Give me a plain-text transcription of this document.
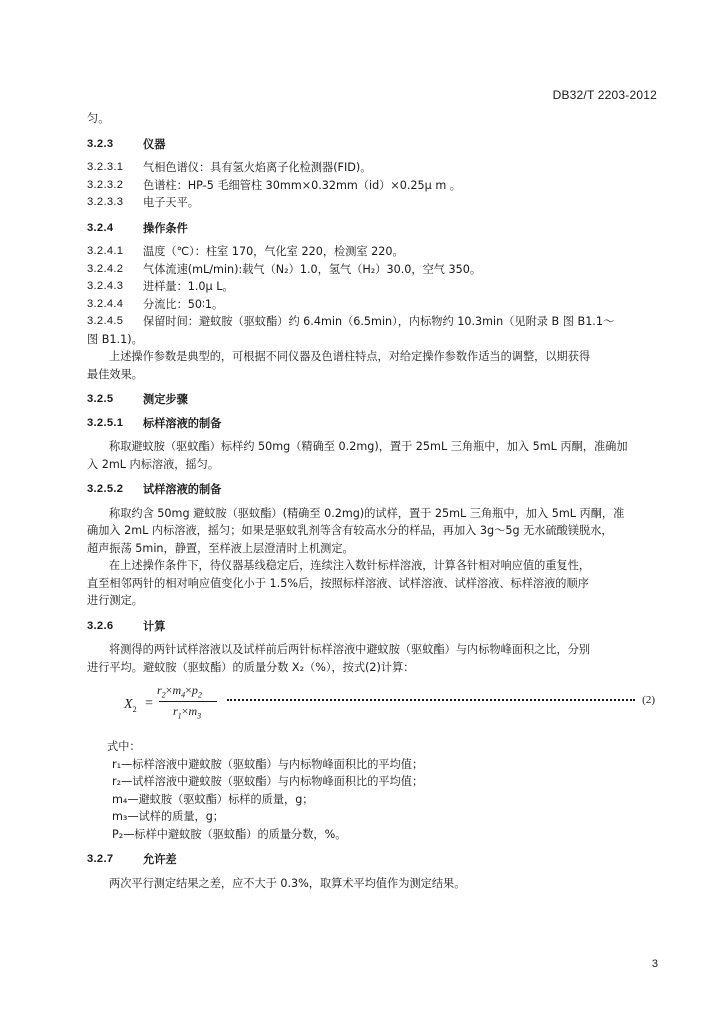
DB32/T 2203-2012
匀。
3.2.3	仪器
3.2.3.1	气相色谱仪：具有氢火焰离子化检测器(FID)。
3.2.3.2	色谱柱：HP-5 毛细管柱 30mm×0.32mm（id）×0.25μ m 。
3.2.3.3	电子天平。
3.2.4	操作条件
3.2.4.1	温度（℃）：柱室 170，气化室 220，检测室 220。
3.2.4.2	气体流速(mL/min):载气（N₂）1.0，氢气（H₂）30.0，空气 350。
3.2.4.3	进样量：1.0μ L。
3.2.4.4	分流比：50∶1。
3.2.4.5	保留时间：避蚊胺（驱蚊酯）约 6.4min（6.5min），内标物约 10.3min（见附录 B 图 B1.1～
图 B1.1)。
上述操作参数是典型的，可根据不同仪器及色谱柱特点，对给定操作参数作适当的调整，以期获得
最佳效果。
3.2.5	测定步骤
3.2.5.1	标样溶液的制备
称取避蚊胺（驱蚊酯）标样约 50mg（精确至 0.2mg)，置于 25mL 三角瓶中，加入 5mL 丙酮，准确加
入 2mL 内标溶液，摇匀。
3.2.5.2	试样溶液的制备
称取约含 50mg 避蚊胺（驱蚊酯）(精确至 0.2mg)的试样，置于 25mL 三角瓶中，加入 5mL 丙酮，准
确加入 2mL 内标溶液，摇匀；如果是驱蚊乳剂等含有较高水分的样品，再加入 3g～5g 无水硫酸镁脱水，
超声振荡 5min，静置，至样液上层澄清时上机测定。
在上述操作条件下，待仪器基线稳定后，连续注入数针标样溶液，计算各针相对响应值的重复性，
直至相邻两针的相对响应值变化小于 1.5%后，按照标样溶液、试样溶液、试样溶液、标样溶液的顺序
进行测定。
3.2.6	计算
将测得的两针试样溶液以及试样前后两针标样溶液中避蚊胺（驱蚊酯）与内标物峰面积之比，分别
进行平均。避蚊胺（驱蚊酯）的质量分数 X₂（%），按式(2)计算：
$X_2$ =
$r_2\times m_4\times p_2$
$r_1\times m_3$
(2)
式中：
r₁—标样溶液中避蚊胺（驱蚊酯）与内标物峰面积比的平均值；
r₂—试样溶液中避蚊胺（驱蚊酯）与内标物峰面积比的平均值；
m₄—避蚊胺（驱蚊酯）标样的质量，g；
m₃—试样的质量，g；
P₂—标样中避蚊胺（驱蚊酯）的质量分数，%。
3.2.7	允许差
两次平行测定结果之差，应不大于 0.3%，取算术平均值作为测定结果。
3
